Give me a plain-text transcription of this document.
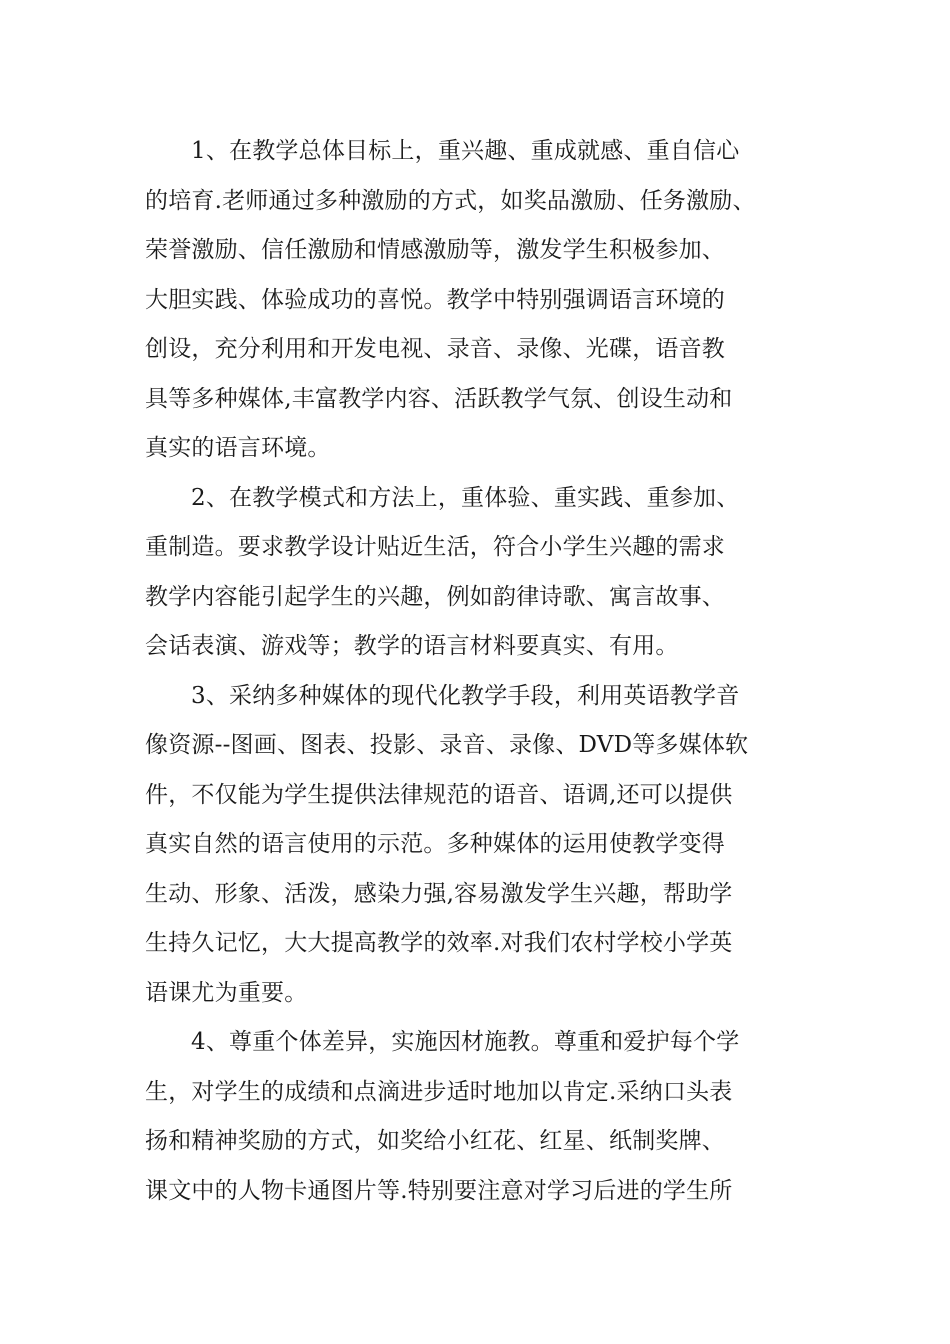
1、在教学总体目标上，重兴趣、重成就感、重自信心
的培育.老师通过多种激励的方式，如奖品激励、任务激励、
荣誉激励、信任激励和情感激励等，激发学生积极参加、
大胆实践、体验成功的喜悦。教学中特别强调语言环境的
创设，充分利用和开发电视、录音、录像、光碟，语音教
具等多种媒体,丰富教学内容、活跃教学气氛、创设生动和
真实的语言环境。
2、在教学模式和方法上，重体验、重实践、重参加、
重制造。要求教学设计贴近生活，符合小学生兴趣的需求
教学内容能引起学生的兴趣，例如韵律诗歌、寓言故事、
会话表演、游戏等；教学的语言材料要真实、有用。
3、采纳多种媒体的现代化教学手段，利用英语教学音
像资源--图画、图表、投影、录音、录像、DVD等多媒体软
件，不仅能为学生提供法律规范的语音、语调,还可以提供
真实自然的语言使用的示范。多种媒体的运用使教学变得
生动、形象、活泼，感染力强,容易激发学生兴趣，帮助学
生持久记忆，大大提高教学的效率.对我们农村学校小学英
语课尤为重要。
4、尊重个体差异，实施因材施教。尊重和爱护每个学
生，对学生的成绩和点滴进步适时地加以肯定.采纳口头表
扬和精神奖励的方式，如奖给小红花、红星、纸制奖牌、
课文中的人物卡通图片等.特别要注意对学习后进的学生所
